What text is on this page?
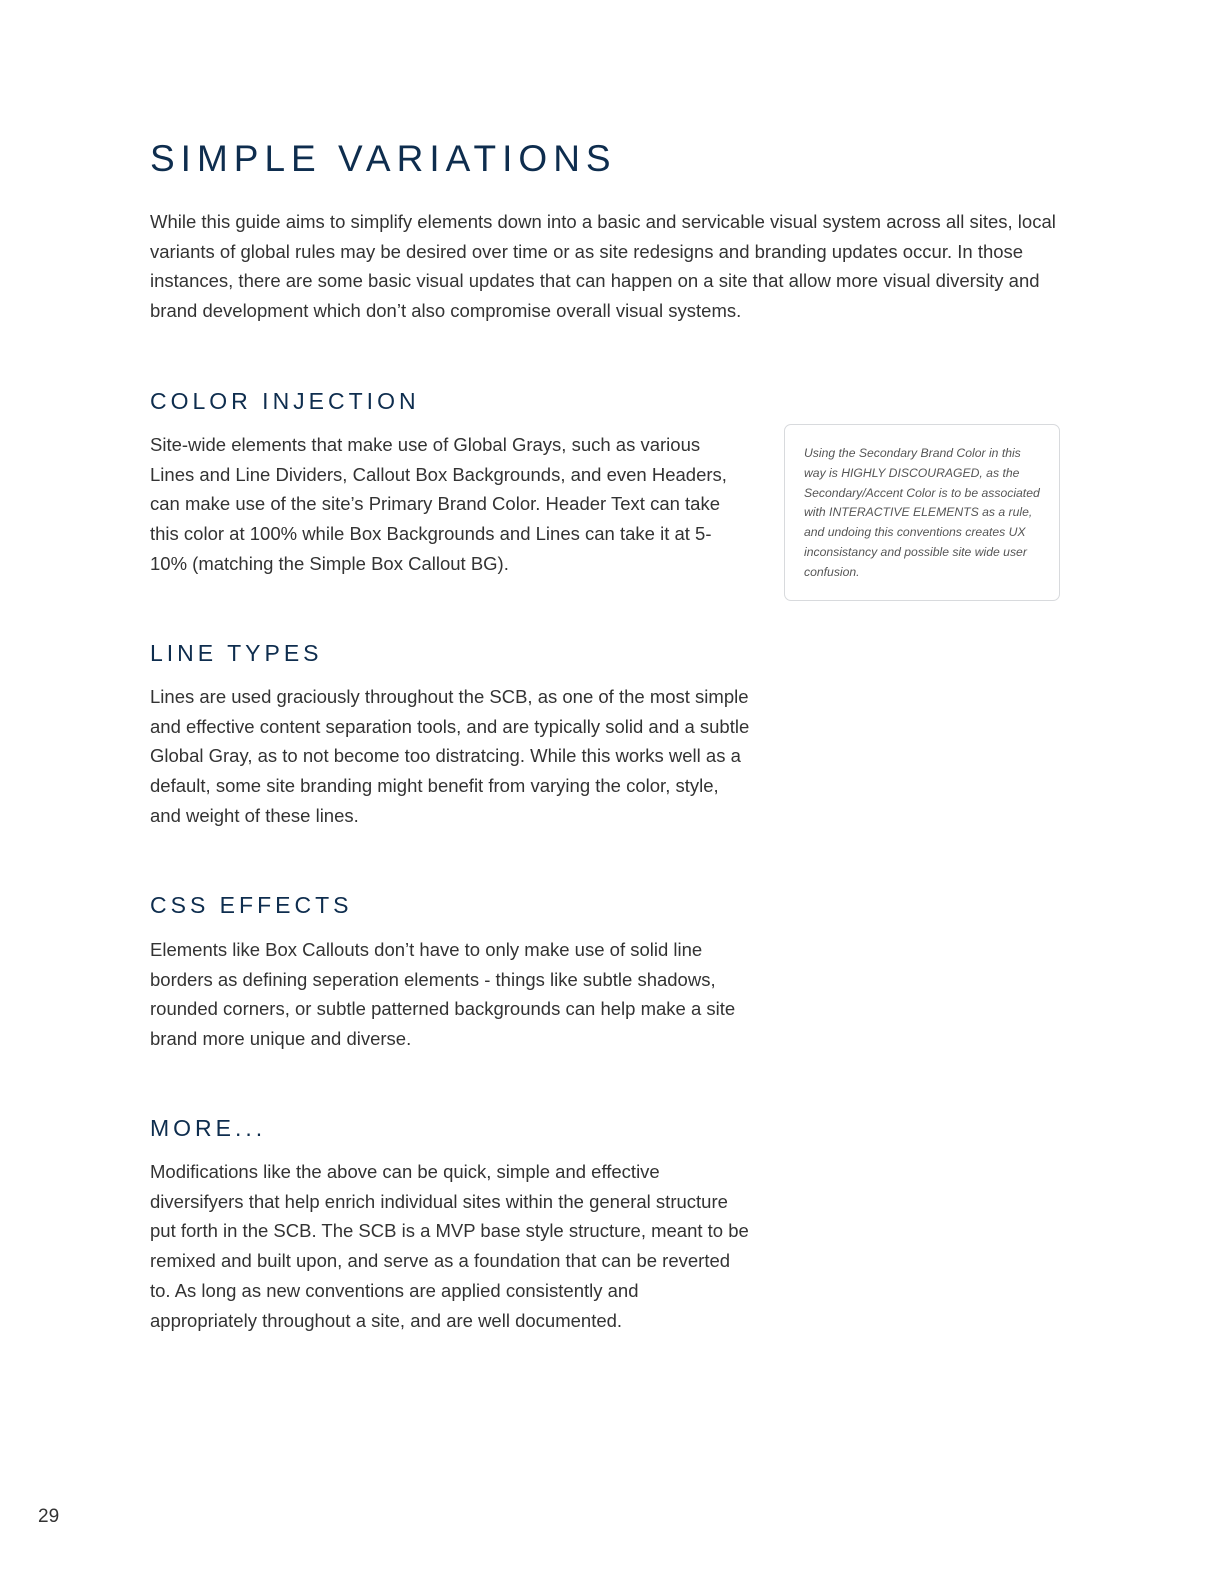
SIMPLE VARIATIONS

While this guide aims to simplify elements down into a basic and servicable visual system across all sites, local variants of global rules may be desired over time or as site redesigns and branding updates occur. In those instances, there are some basic visual updates that can happen on a site that allow more visual diversity and brand development which don’t also compromise overall visual systems.

COLOR INJECTION

Site-wide elements that make use of Global Grays, such as various Lines and Line Dividers, Callout Box Backgrounds, and even Headers, can make use of the site’s Primary Brand Color. Header Text can take this color at 100% while Box Backgrounds and Lines can take it at 5-10% (matching the Simple Box Callout BG).

Using the Secondary Brand Color in this way is HIGHLY DISCOURAGED, as the Secondary/Accent Color is to be associated with INTERACTIVE ELEMENTS as a rule, and undoing this conventions creates UX inconsistancy and possible site wide user confusion.

LINE TYPES

Lines are used graciously throughout the SCB, as one of the most simple and effective content separation tools, and are typically solid and a subtle Global Gray, as to not become too distratcing. While this works well as a default, some site branding might benefit from varying the color, style, and weight of these lines.

CSS EFFECTS

Elements like Box Callouts don’t have to only make use of solid line borders as defining seperation elements - things like subtle shadows, rounded corners, or subtle patterned backgrounds can help make a site brand more unique and diverse.

MORE...

Modifications like the above can be quick, simple and effective diversifyers that help enrich individual sites within the general structure put forth in the SCB. The SCB is a MVP base style structure, meant to be remixed and built upon, and serve as a foundation that can be reverted to. As long as new conventions are applied consistently and appropriately throughout a site, and are well documented.

29
